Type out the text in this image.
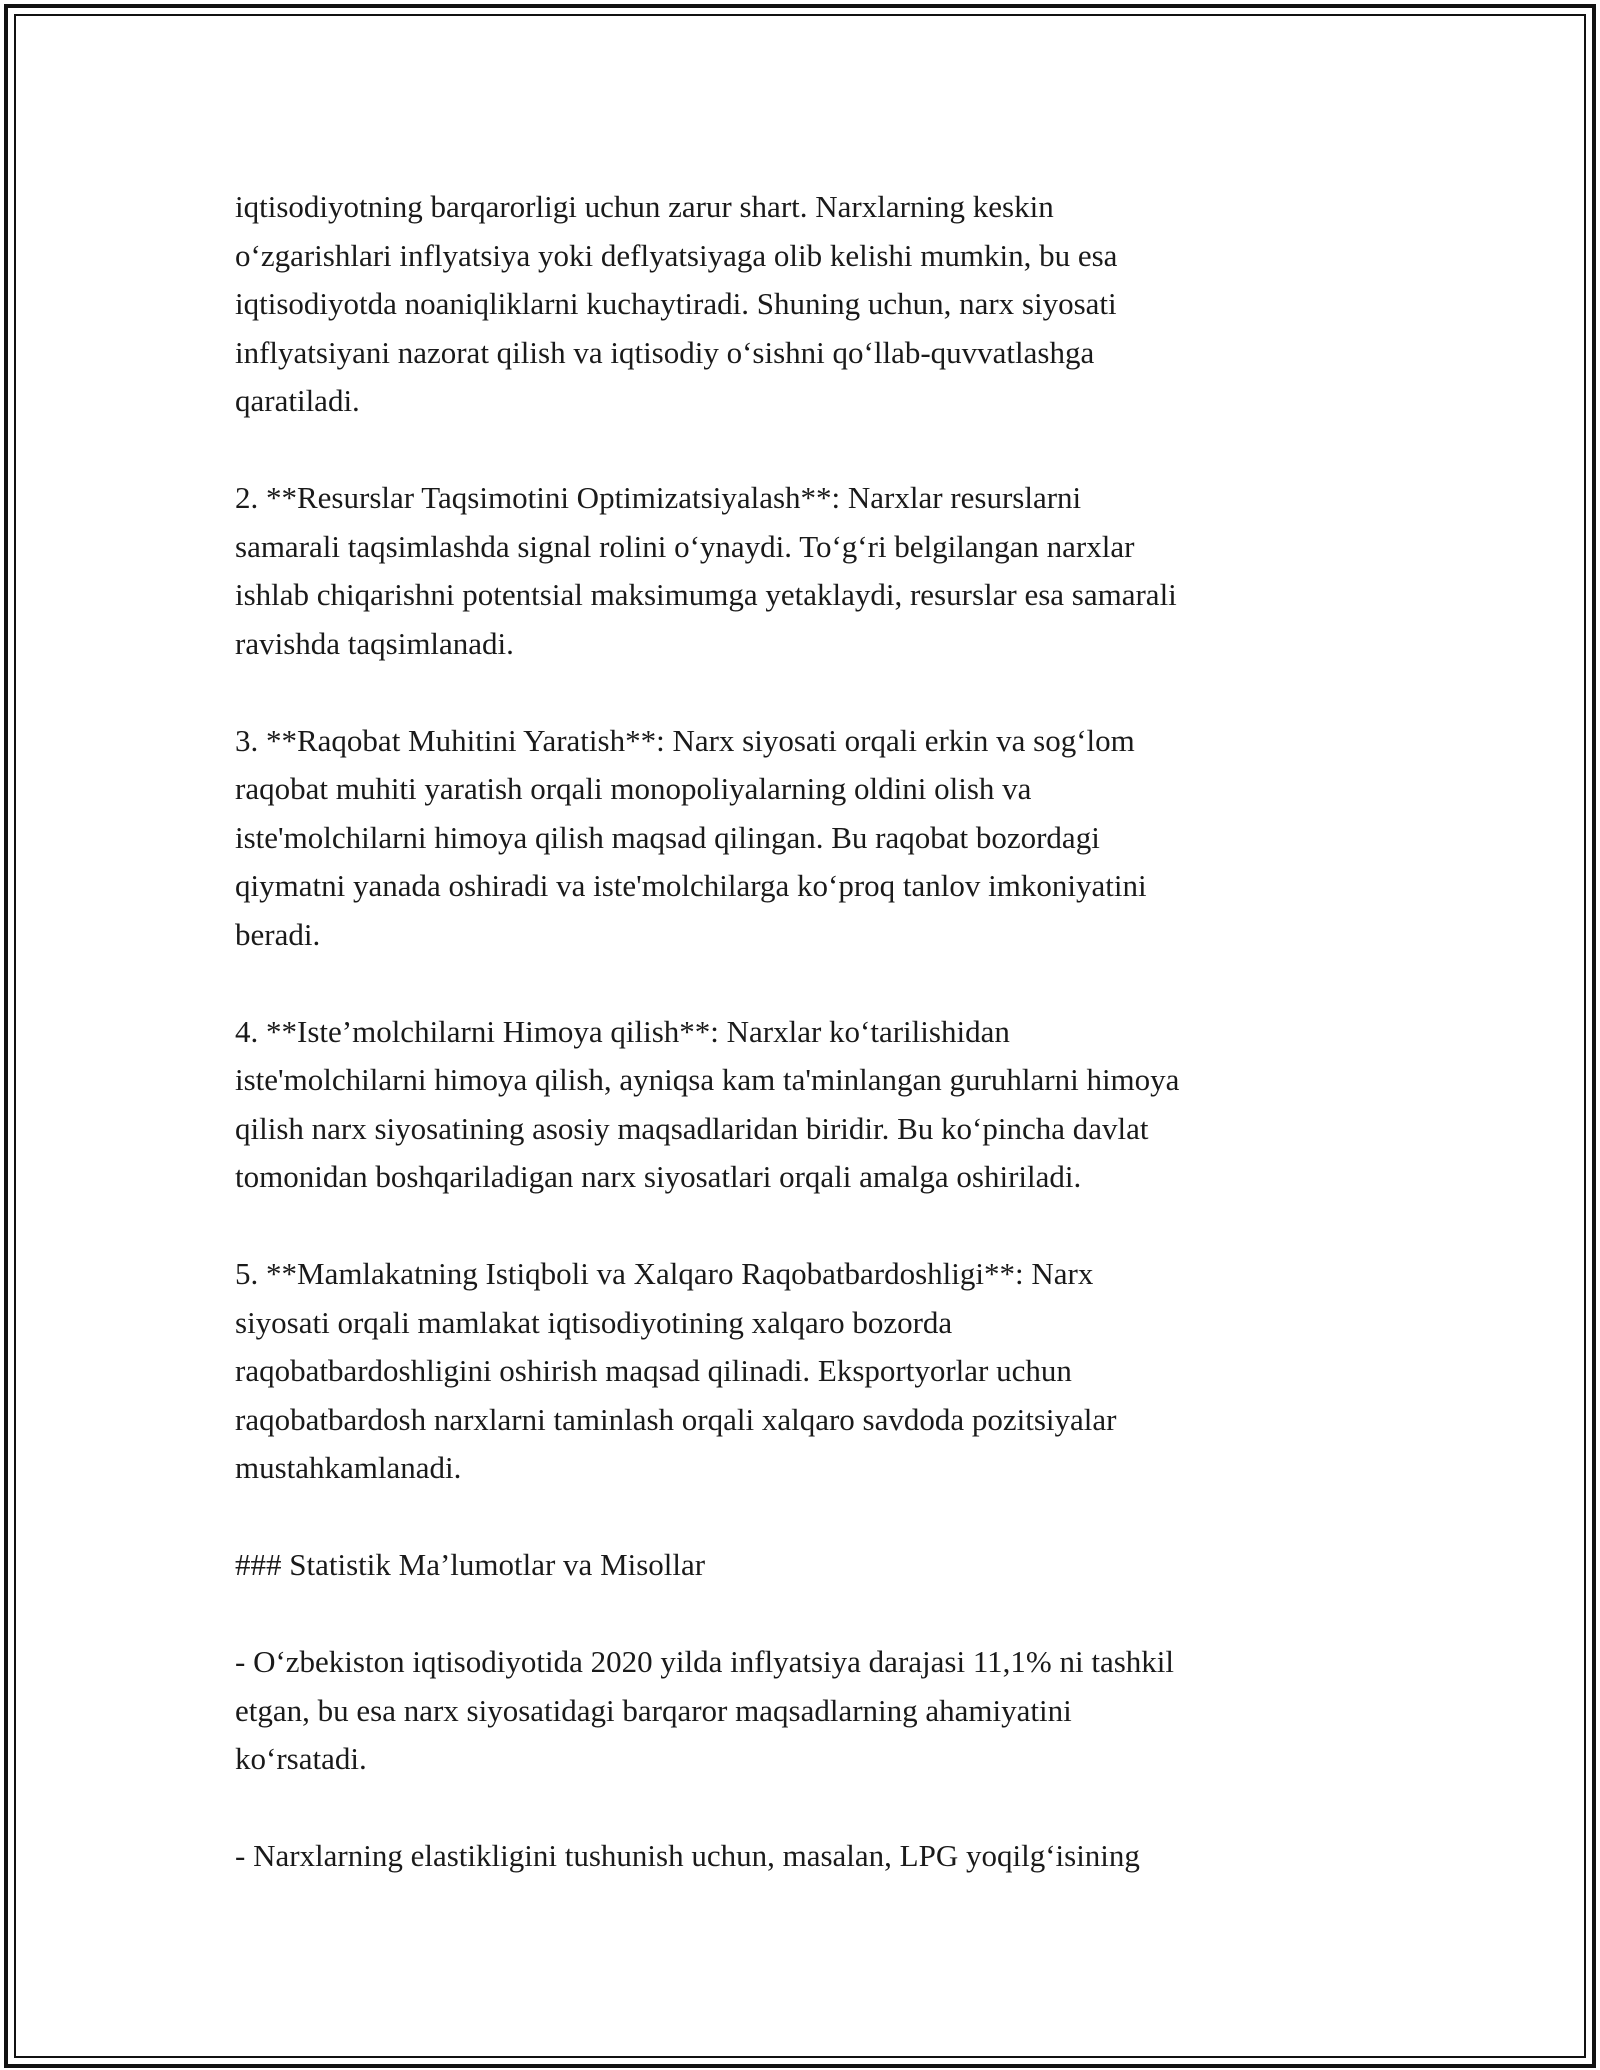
iqtisodiyotning barqarorligi uchun zarur shart. Narxlarning keskin
o‘zgarishlari inflyatsiya yoki deflyatsiyaga olib kelishi mumkin, bu esa
iqtisodiyotda noaniqliklarni kuchaytiradi. Shuning uchun, narx siyosati
inflyatsiyani nazorat qilish va iqtisodiy o‘sishni qo‘llab-quvvatlashga
qaratiladi.

2. **Resurslar Taqsimotini Optimizatsiyalash**: Narxlar resurslarni
samarali taqsimlashda signal rolini o‘ynaydi. To‘g‘ri belgilangan narxlar
ishlab chiqarishni potentsial maksimumga yetaklaydi, resurslar esa samarali
ravishda taqsimlanadi.

3. **Raqobat Muhitini Yaratish**: Narx siyosati orqali erkin va sog‘lom
raqobat muhiti yaratish orqali monopoliyalarning oldini olish va
iste'molchilarni himoya qilish maqsad qilingan. Bu raqobat bozordagi
qiymatni yanada oshiradi va iste'molchilarga ko‘proq tanlov imkoniyatini
beradi.

4. **Iste’molchilarni Himoya qilish**: Narxlar ko‘tarilishidan
iste'molchilarni himoya qilish, ayniqsa kam ta'minlangan guruhlarni himoya
qilish narx siyosatining asosiy maqsadlaridan biridir. Bu ko‘pincha davlat
tomonidan boshqariladigan narx siyosatlari orqali amalga oshiriladi.

5. **Mamlakatning Istiqboli va Xalqaro Raqobatbardoshligi**: Narx
siyosati orqali mamlakat iqtisodiyotining xalqaro bozorda
raqobatbardoshligini oshirish maqsad qilinadi. Eksportyorlar uchun
raqobatbardosh narxlarni taminlash orqali xalqaro savdoda pozitsiyalar
mustahkamlanadi.

### Statistik Ma’lumotlar va Misollar

- O‘zbekiston iqtisodiyotida 2020 yilda inflyatsiya darajasi 11,1% ni tashkil
etgan, bu esa narx siyosatidagi barqaror maqsadlarning ahamiyatini
ko‘rsatadi.

- Narxlarning elastikligini tushunish uchun, masalan, LPG yoqilg‘isining
